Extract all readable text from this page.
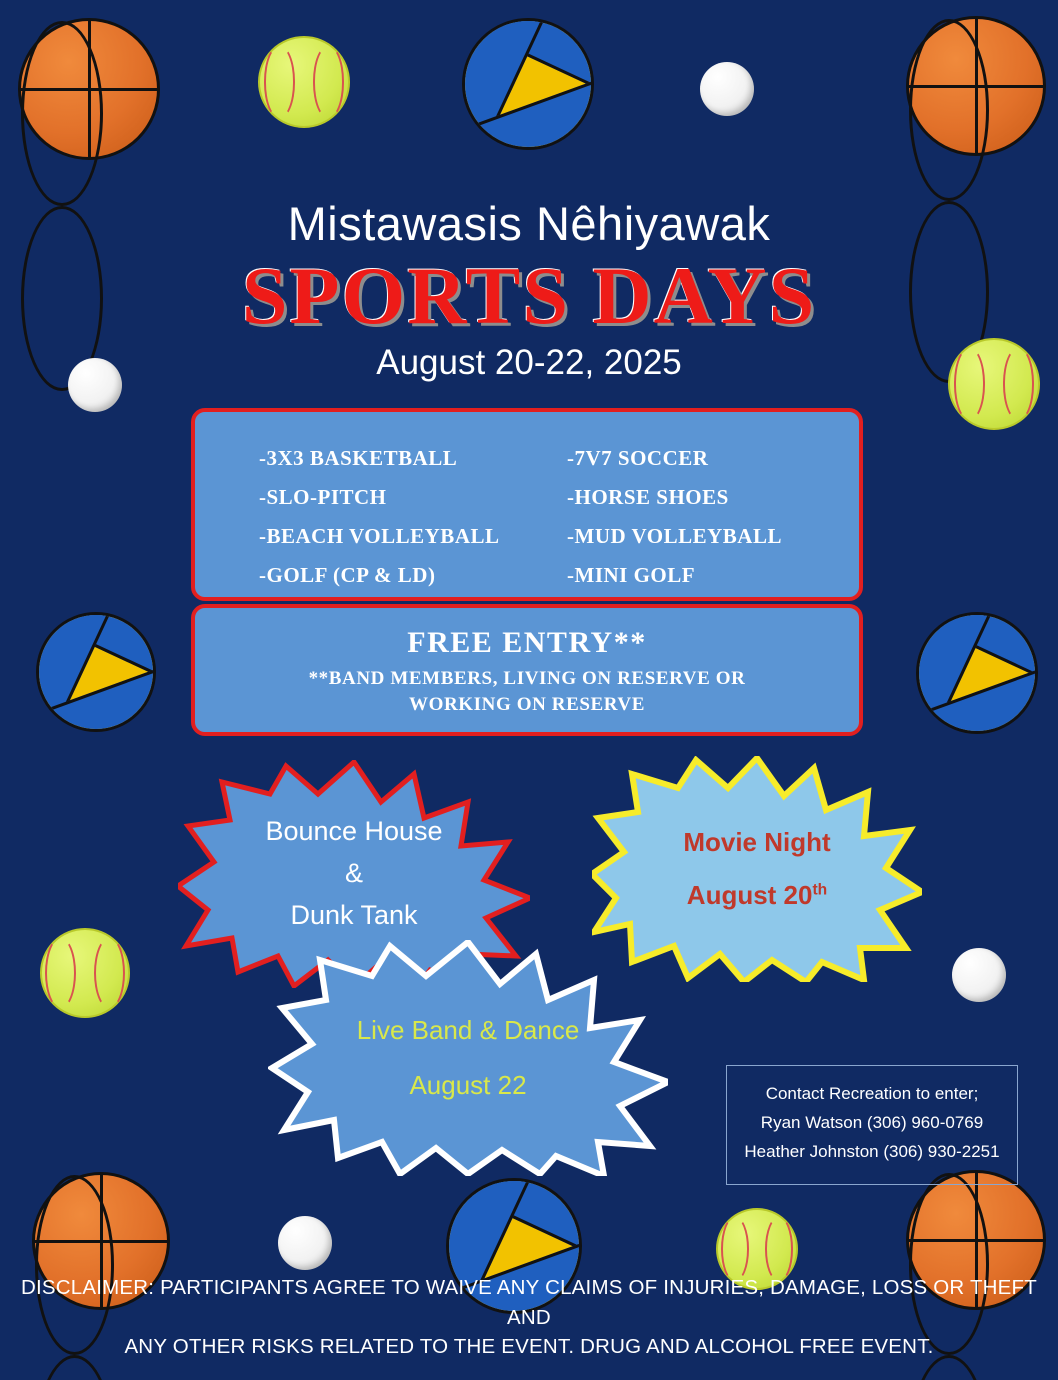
Mistawasis Nêhiyawak
SPORTS DAYS
August 20-22, 2025
-3X3 BASKETBALL
-SLO-PITCH
-BEACH VOLLEYBALL
-GOLF (CP & LD)
-7V7 SOCCER
-HORSE SHOES
-MUD VOLLEYBALL
-MINI GOLF
FREE ENTRY**
**BAND MEMBERS, LIVING ON RESERVE OR
WORKING ON RESERVE
Bounce House
&
Dunk Tank
Movie Night
August 20th
Live Band & Dance
August 22	Contact Recreation to enter;
Ryan Watson (306) 960-0769
Heather Johnston (306) 930-2251
DISCLAIMER: PARTICIPANTS AGREE TO WAIVE ANY CLAIMS OF INJURIES, DAMAGE, LOSS OR THEFT AND
ANY OTHER RISKS RELATED TO THE EVENT. DRUG AND ALCOHOL FREE EVENT.
